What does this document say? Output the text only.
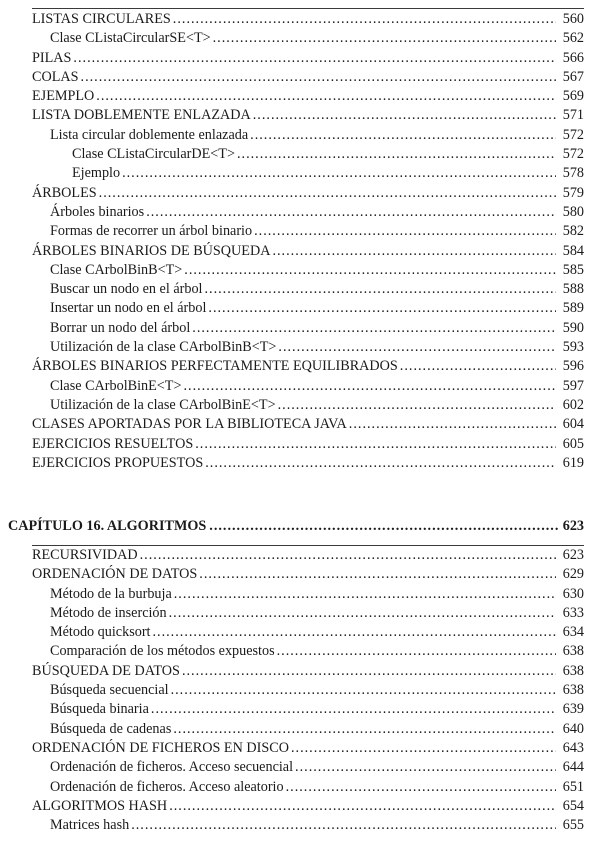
LISTAS CIRCULARES .....	560
Clase CListaCircularSE<T> .....	562
PILAS .....	566
COLAS .....	567
EJEMPLO .....	569
LISTA DOBLEMENTE ENLAZADA .....	571
Lista circular doblemente enlazada .....	572
Clase CListaCircularDE<T> .....	572
Ejemplo .....	578
ÁRBOLES .....	579
Árboles binarios .....	580
Formas de recorrer un árbol binario .....	582
ÁRBOLES BINARIOS DE BÚSQUEDA .....	584
Clase CArbolBinB<T> .....	585
Buscar un nodo en el árbol .....	588
Insertar un nodo en el árbol .....	589
Borrar un nodo del árbol .....	590
Utilización de la clase CArbolBinB<T> .....	593
ÁRBOLES BINARIOS PERFECTAMENTE EQUILIBRADOS .....	596
Clase CArbolBinE<T> .....	597
Utilización de la clase CArbolBinE<T> .....	602
CLASES APORTADAS POR LA BIBLIOTECA JAVA .....	604
EJERCICIOS RESUELTOS .....	605
EJERCICIOS PROPUESTOS .....	619
CAPÍTULO 16. ALGORITMOS .....	623
RECURSIVIDAD .....	623
ORDENACIÓN DE DATOS .....	629
Método de la burbuja .....	630
Método de inserción .....	633
Método quicksort .....	634
Comparación de los métodos expuestos .....	638
BÚSQUEDA DE DATOS .....	638
Búsqueda secuencial .....	638
Búsqueda binaria .....	639
Búsqueda de cadenas .....	640
ORDENACIÓN DE FICHEROS EN DISCO .....	643
Ordenación de ficheros. Acceso secuencial .....	644
Ordenación de ficheros. Acceso aleatorio .....	651
ALGORITMOS HASH .....	654
Matrices hash .....	655
